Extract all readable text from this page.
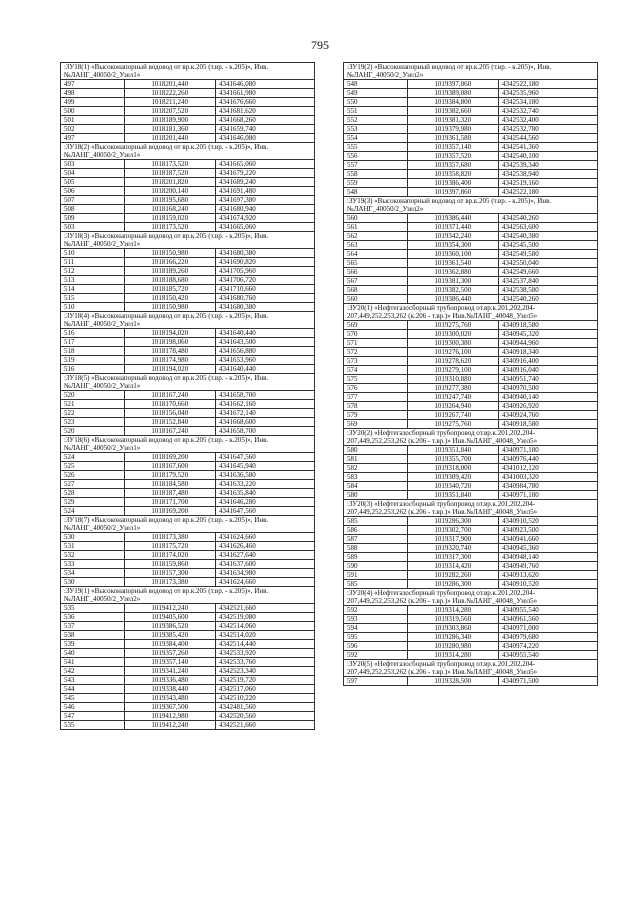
795
:ЗУ18(1) «Высоконапорный водовод от вр.к.205 (т.вр. - к.205)», Инв. №ЛАНГ_40050/2_Узел1»		
497	1018201,440	4341646,080
498	1018222,260	4341661,980
499	1018211,240	4341676,660
500	1018207,520	4341681,620
501	1018189,900	4341668,260
502	1018181,360	4341659,740
497	1018201,440	4341646,080
:ЗУ18(2) «Высоконапорный водовод от вр.к.205 (т.вр. - к.205)», Инв. №ЛАНГ_40050/2_Узел1»		
503	1018173,520	4341665,060
504	1018187,520	4341679,220
505	1018201,820	4341689,240
506	1018200,140	4341691,480
507	1018195,680	4341697,380
508	1018168,240	4341680,940
509	1018159,020	4341674,920
503	1018173,520	4341665,060
:ЗУ18(3) «Высоконапорный водовод от вр.к.205 (т.вр. - к.205)», Инв. №ЛАНГ_40050/2_Узел1»		
510	1018150,980	4341680,380
511	1018166,220	4341690,820
512	1018189,260	4341705,960
513	1018188,680	4341706,720
514	1018185,720	4341710,660
515	1018150,420	4341680,760
510	1018150,980	4341680,380
:ЗУ18(4) «Высоконапорный водовод от вр.к.205 (т.вр. - к.205)», Инв. №ЛАНГ_40050/2_Узел1»		
516	1018194,020	4341640,440
517	1018198,060	4341643,500
518	1018178,480	4341656,880
519	1018174,980	4341653,960
516	1018194,020	4341640,440
:ЗУ18(5) «Высоконапорный водовод от вр.к.205 (т.вр. - к.205)», Инв. №ЛАНГ_40050/2_Узел1»		
520	1018167,240	4341658,700
521	1018170,660	4341662,160
522	1018156,040	4341672,140
523	1018152,840	4341668,600
520	1018167,240	4341658,700
:ЗУ18(6) «Высоконапорный водовод от вр.к.205 (т.вр. - к.205)», Инв. №ЛАНГ_40050/2_Узел1»		
524	1018169,200	4341647,560
525	1018167,600	4341645,940
526	1018179,520	4341636,580
527	1018184,580	4341633,220
528	1018187,480	4341635,840
529	1018171,700	4341646,280
524	1018169,200	4341647,560
:ЗУ18(7) «Высоконапорный водовод от вр.к.205 (т.вр. - к.205)», Инв. №ЛАНГ_40050/2_Узел1»		
530	1018173,380	4341624,660
531	1018175,720	4341626,460
532	1018174,020	4341627,640
533	1018159,860	4341637,600
534	1018157,300	4341634,980
530	1018173,380	4341624,660
:ЗУ19(1) «Высоконапорный водовод от вр.к.205 (т.вр. - к.205)», Инв. №ЛАНГ_40050/2_Узел2»		
535	1019412,240	4342521,660
536	1019405,600	4342519,080
537	1019386,520	4342514,060
538	1019385,420	4342514,020
539	1019384,400	4342514,440
540	1019357,260	4342533,920
541	1019357,140	4342533,760
542	1019341,240	4342523,340
543	1019336,480	4342519,720
544	1019338,440	4342517,060
545	1019343,480	4342510,220
546	1019367,500	4342481,560
547	1019412,980	4342520,560
535	1019412,240	4342521,660
:ЗУ19(2) «Высоконапорный водовод от вр.к.205 (т.вр. - к.205)», Инв. №ЛАНГ_40050/2_Узел2»		
548	1019397,860	4342522,180
549	1019389,080	4342535,960
550	1019384,800	4342534,180
551	1019382,660	4342532,740
552	1019381,320	4342532,400
553	1019379,980	4342532,780
554	1019361,580	4342544,560
555	1019357,140	4342541,360
556	1019357,520	4342540,100
557	1019357,680	4342539,340
558	1019358,820	4342538,940
559	1019386,400	4342519,160
548	1019397,860	4342522,180
:ЗУ19(3) «Высоконапорный водовод от вр.к.205 (т.вр. - к.205)», Инв. №ЛАНГ_40050/2_Узел2»		
560	1019386,440	4342540,260
561	1019371,440	4342563,600
562	1019342,240	4342540,380
563	1019354,300	4342545,500
564	1019360,100	4342549,580
565	1019361,540	4342550,040
566	1019362,880	4342549,660
567	1019381,300	4342537,840
568	1019382,500	4342538,580
560	1019386,440	4342540,260
:ЗУ20(1) «Нефтегазосборный трубопровод от.вр.к.201,202,204-207,449,252,253,262 (к.206 - т.вр.)» Инв.№ЛАНГ_40048_Узел5»		
569	1019275,760	4340918,580
570	1019300,020	4340945,320
571	1019300,380	4340944,960
572	1019276,100	4340918,340
573	1019278,620	4340916,400
574	1019279,100	4340916,040
575	1019310,880	4340951,740
576	1019277,380	4340970,500
577	1019247,740	4340940,140
578	1019264,940	4340926,920
579	1019267,740	4340924,760
569	1019275,760	4340918,580
:ЗУ20(2) «Нефтегазосборный трубопровод от.вр.к.201,202,204-207,449,252,253,262 (к.206 - т.вр.)» Инв.№ЛАНГ_40048_Узел5»		
580	1019351,840	4340971,180
581	1019355,700	4340976,440
582	1019318,000	4341012,120
583	1019309,420	4341003,320
584	1019340,720	4340984,780
580	1019351,840	4340971,180
:ЗУ20(3) «Нефтегазосборный трубопровод от.вр.к.201,202,204-207,449,252,253,262 (к.206 - т.вр.)» Инв.№ЛАНГ_40048_Узел5»		
585	1019286,300	4340910,520
586	1019302,700	4340923,500
587	1019317,900	4340941,660
588	1019320,740	4340945,360
589	1019317,300	4340948,140
590	1019314,420	4340949,760
591	1019282,260	4340913,620
585	1019286,300	4340910,520
:ЗУ20(4) «Нефтегазосборный трубопровод от.вр.к.201,202,204-207,449,252,253,262 (к.206 - т.вр.)» Инв.№ЛАНГ_40048_Узел5»		
592	1019314,280	4340955,540
593	1019319,560	4340961,560
594	1019303,860	4340971,000
595	1019286,340	4340979,680
596	1019280,980	4340974,220
592	1019314,280	4340955,540
:ЗУ20(5) «Нефтегазосборный трубопровод от.вр.к.201,202,204-207,449,252,253,262 (к.206 - т.вр.)» Инв.№ЛАНГ_40048_Узел5»		
597	1019328,500	4340971,500
